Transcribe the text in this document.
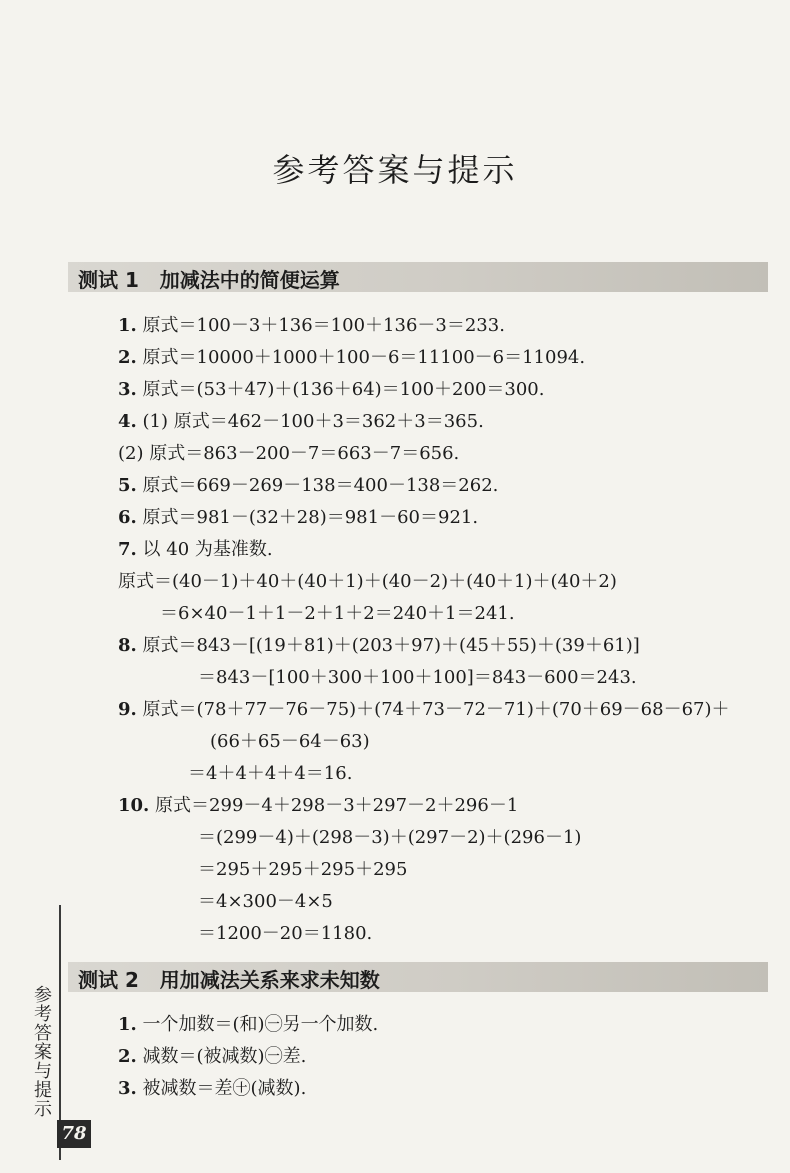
参考答案与提示
测试 1   加减法中的简便运算
1. 原式＝100－3＋136＝100＋136－3＝233.
2. 原式＝10000＋1000＋100－6＝11100－6＝11094.
3. 原式＝(53＋47)＋(136＋64)＝100＋200＝300.
4. (1) 原式＝462－100＋3＝362＋3＝365.
(2) 原式＝863－200－7＝663－7＝656.
5. 原式＝669－269－138＝400－138＝262.
6. 原式＝981－(32＋28)＝981－60＝921.
7. 以 40 为基准数.
原式＝(40－1)＋40＋(40＋1)＋(40－2)＋(40＋1)＋(40＋2)
＝6×40－1＋1－2＋1＋2＝240＋1＝241.
8. 原式＝843－[(19＋81)＋(203＋97)＋(45＋55)＋(39＋61)]
＝843－[100＋300＋100＋100]＝843－600＝243.
9. 原式＝(78＋77－76－75)＋(74＋73－72－71)＋(70＋69－68－67)＋
(66＋65－64－63)
＝4＋4＋4＋4＝16.
10. 原式＝299－4＋298－3＋297－2＋296－1
＝(299－4)＋(298－3)＋(297－2)＋(296－1)
＝295＋295＋295＋295
＝4×300－4×5
＝1200－20＝1180.
测试 2   用加减法关系来求未知数
1. 一个加数＝(和)㊀另一个加数.
2. 减数＝(被减数)㊀差.
3. 被减数＝差㊉(减数).
参考答案与提示
78
